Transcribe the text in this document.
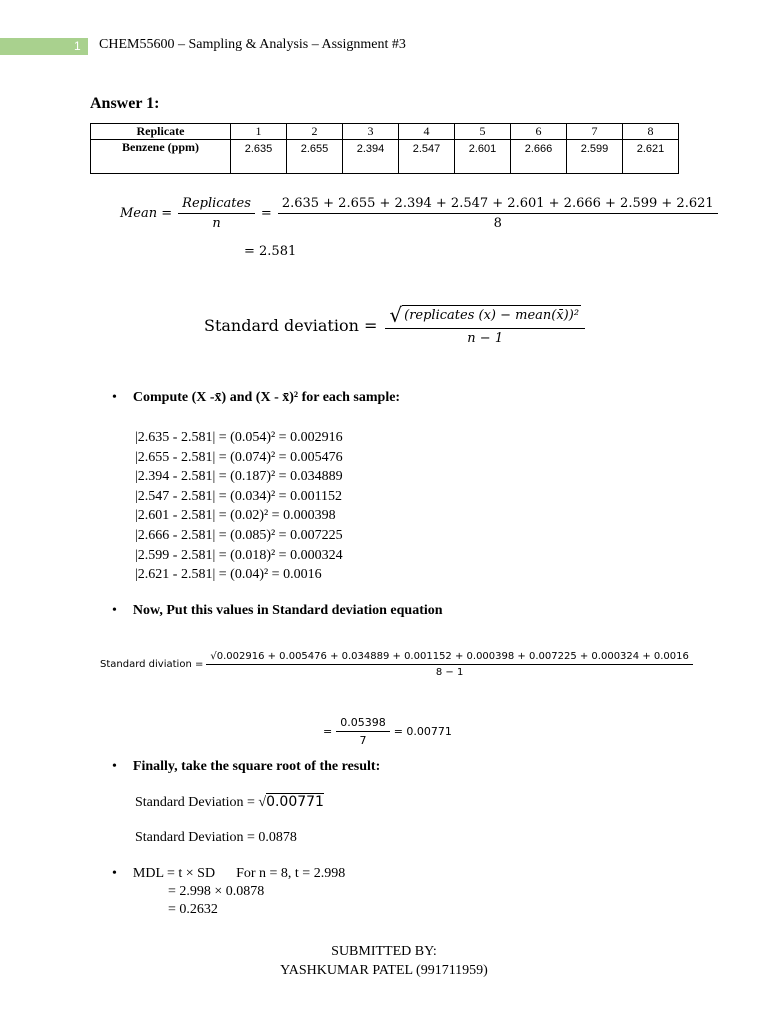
1 CHEM55600 – Sampling & Analysis – Assignment #3
Answer 1:
Replicate	1	2	3	4	5	6	7	8
Benzene (ppm)	2.635	2.655	2.394	2.547	2.601	2.666	2.599	2.621
Mean = $\frac{\text{Replicates}}{n}$ =
2.635 + 2.655 + 2.394 + 2.547 + 2.601 + 2.666 + 2.599 + 2.621
8
= 2.581
Standard deviation = $\frac{\text{√ (replicates (x) − mean(x̄))²}}{n - 1}$
• Compute (X -x̄) and (X - x̄)² for each sample:
|2.635 - 2.581| = (0.054)² = 0.002916
|2.655 - 2.581| = (0.074)² = 0.005476
|2.394 - 2.581| = (0.187)² = 0.034889
|2.547 - 2.581| = (0.034)² = 0.001152
|2.601 - 2.581| = (0.02)² = 0.000398
|2.666 - 2.581| = (0.085)² = 0.007225
|2.599 - 2.581| = (0.018)² = 0.000324
|2.621 - 2.581| = (0.04)² = 0.0016
• Now, Put this values in Standard deviation equation
Standard diviation =
√0.002916 + 0.005476 + 0.034889 + 0.001152 + 0.000398 + 0.007225 + 0.000324 + 0.0016
8 − 1
= $\frac{0.05398}{7} = 0.00771$
• Finally, take the square root of the result:
Standard Deviation = √0.00771
Standard Deviation = 0.0878
• MDL = t × SD      For n = 8, t = 2.998
= 2.998 × 0.0878
= 0.2632
SUBMITTED BY:
YASHKUMAR PATEL (991711959)
